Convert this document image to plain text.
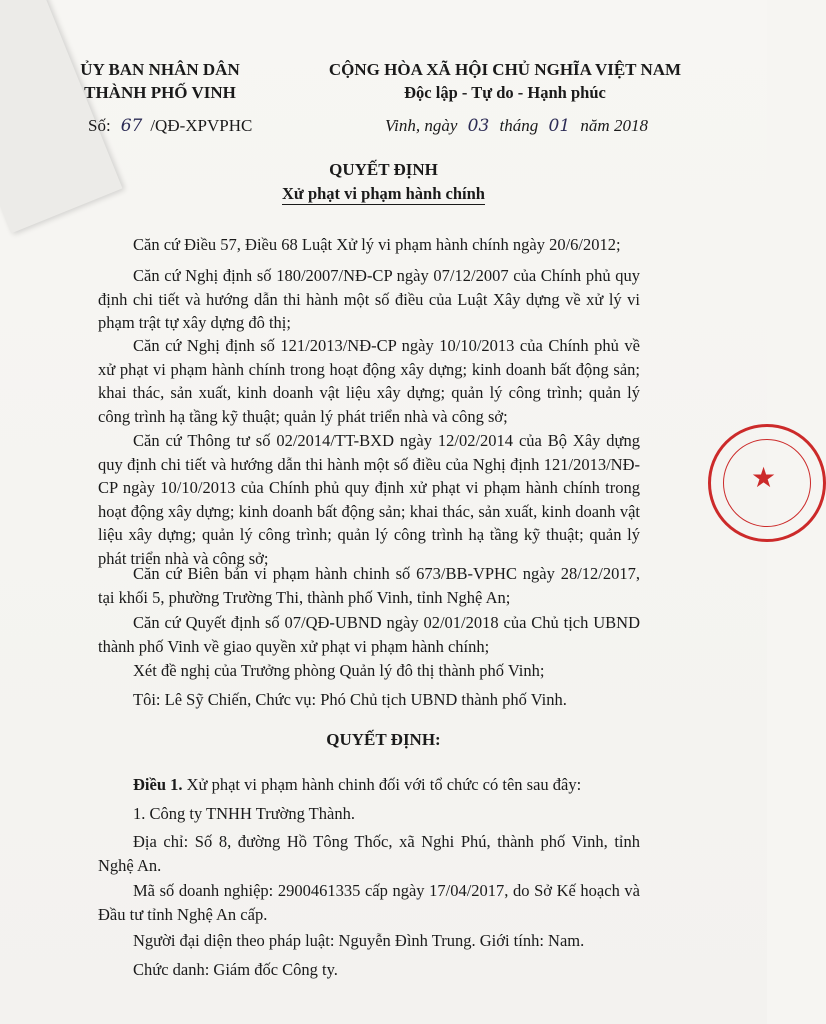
ỦY BAN NHÂN DÂN
THÀNH PHỐ VINH
CỘNG HÒA XÃ HỘI CHỦ NGHĨA VIỆT NAM
Độc lập - Tự do - Hạnh phúc
Số: 67 /QĐ-XPVPHC	Vinh, ngày 03 tháng 01 năm 2018
QUYẾT ĐỊNH
Xử phạt vi phạm hành chính

Căn cứ Điều 57, Điều 68 Luật Xử lý vi phạm hành chính ngày 20/6/2012;

Căn cứ Nghị định số 180/2007/NĐ-CP ngày 07/12/2007 của Chính phủ quy định chi tiết và hướng dẫn thi hành một số điều của Luật Xây dựng về xử lý vi phạm trật tự xây dựng đô thị;

Căn cứ Nghị định số 121/2013/NĐ-CP ngày 10/10/2013 của Chính phủ về xử phạt vi phạm hành chính trong hoạt động xây dựng; kinh doanh bất động sản; khai thác, sản xuất, kinh doanh vật liệu xây dựng; quản lý công trình; quản lý công trình hạ tầng kỹ thuật; quản lý phát triển nhà và công sở;

Căn cứ Thông tư số 02/2014/TT-BXD ngày 12/02/2014 của Bộ Xây dựng quy định chi tiết và hướng dẫn thi hành một số điều của Nghị định 121/2013/NĐ-CP ngày 10/10/2013 của Chính phủ quy định xử phạt vi phạm hành chính trong hoạt động xây dựng; kinh doanh bất động sản; khai thác, sản xuất, kinh doanh vật liệu xây dựng; quản lý công trình; quản lý công trình hạ tầng kỹ thuật; quản lý phát triển nhà và công sở;

Căn cứ Biên bản vi phạm hành chinh số 673/BB-VPHC ngày 28/12/2017, tại khối 5, phường Trường Thi, thành phố Vinh, tỉnh Nghệ An;

Căn cứ Quyết định số 07/QĐ-UBND ngày 02/01/2018 của Chủ tịch UBND thành phố Vinh về giao quyền xử phạt vi phạm hành chính;

Xét đề nghị của Trưởng phòng Quản lý đô thị thành phố Vinh;

Tôi: Lê Sỹ Chiến, Chức vụ: Phó Chủ tịch UBND thành phố Vinh.

QUYẾT ĐỊNH:

Điều 1. Xử phạt vi phạm hành chinh đối với tổ chức có tên sau đây:

1. Công ty TNHH Trường Thành.

Địa chỉ: Số 8, đường Hồ Tông Thốc, xã Nghi Phú, thành phố Vinh, tỉnh Nghệ An.

Mã số doanh nghiệp: 2900461335 cấp ngày 17/04/2017, do Sở Kế hoạch và Đầu tư tỉnh Nghệ An cấp.

Người đại diện theo pháp luật: Nguyễn Đình Trung. Giới tính: Nam.

Chức danh: Giám đốc Công ty.

★
